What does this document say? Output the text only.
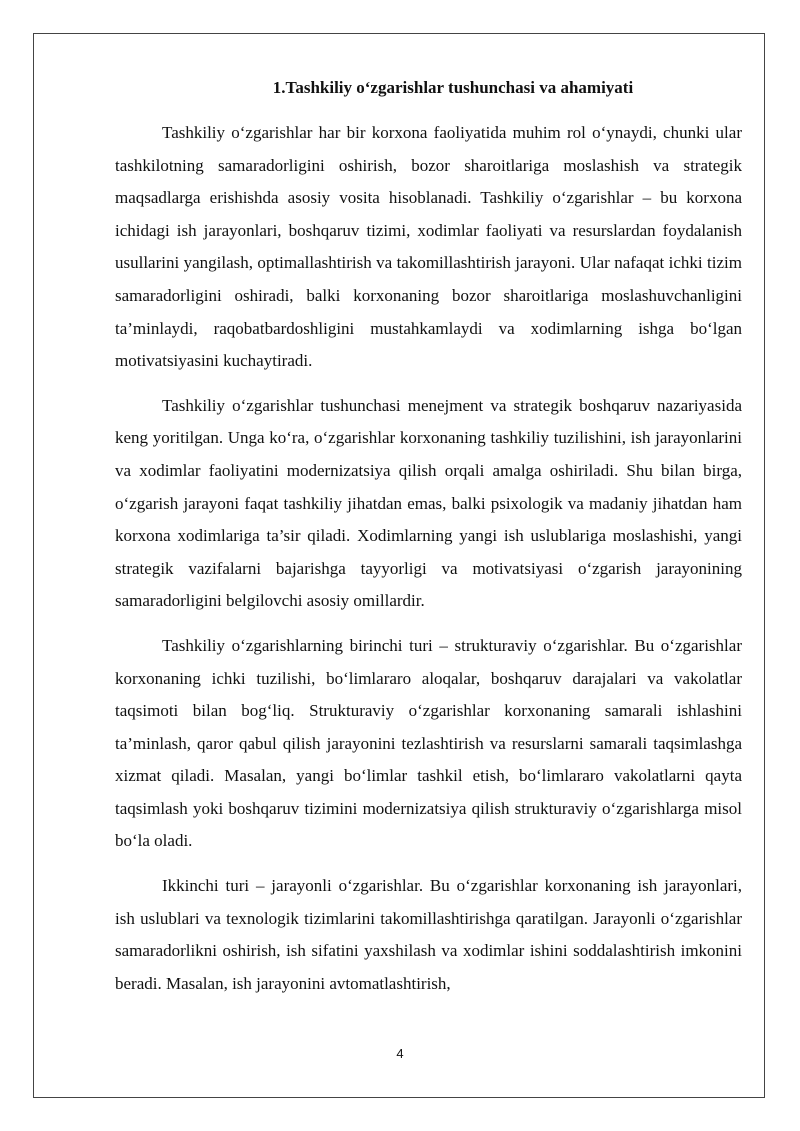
1.Tashkiliy o‘zgarishlar tushunchasi va ahamiyati

Tashkiliy o‘zgarishlar har bir korxona faoliyatida muhim rol o‘ynaydi, chunki ular tashkilotning samaradorligini oshirish, bozor sharoitlariga moslashish va strategik maqsadlarga erishishda asosiy vosita hisoblanadi. Tashkiliy o‘zgarishlar – bu korxona ichidagi ish jarayonlari, boshqaruv tizimi, xodimlar faoliyati va resurslardan foydalanish usullarini yangilash, optimallashtirish va takomillashtirish jarayoni. Ular nafaqat ichki tizim samaradorligini oshiradi, balki korxonaning bozor sharoitlariga moslashuvchanligini ta’minlaydi, raqobatbardoshligini mustahkamlaydi va xodimlarning ishga bo‘lgan motivatsiyasini kuchaytiradi.

Tashkiliy o‘zgarishlar tushunchasi menejment va strategik boshqaruv nazariyasida keng yoritilgan. Unga ko‘ra, o‘zgarishlar korxonaning tashkiliy tuzilishini, ish jarayonlarini va xodimlar faoliyatini modernizatsiya qilish orqali amalga oshiriladi. Shu bilan birga, o‘zgarish jarayoni faqat tashkiliy jihatdan emas, balki psixologik va madaniy jihatdan ham korxona xodimlariga ta’sir qiladi. Xodimlarning yangi ish uslublariga moslashishi, yangi strategik vazifalarni bajarishga tayyorligi va motivatsiyasi o‘zgarish jarayonining samaradorligini belgilovchi asosiy omillardir.

Tashkiliy o‘zgarishlarning birinchi turi – strukturaviy o‘zgarishlar. Bu o‘zgarishlar korxonaning ichki tuzilishi, bo‘limlararo aloqalar, boshqaruv darajalari va vakolatlar taqsimoti bilan bog‘liq. Strukturaviy o‘zgarishlar korxonaning samarali ishlashini ta’minlash, qaror qabul qilish jarayonini tezlashtirish va resurslarni samarali taqsimlashga xizmat qiladi. Masalan, yangi bo‘limlar tashkil etish, bo‘limlararo vakolatlarni qayta taqsimlash yoki boshqaruv tizimini modernizatsiya qilish strukturaviy o‘zgarishlarga misol bo‘la oladi.

Ikkinchi turi – jarayonli o‘zgarishlar. Bu o‘zgarishlar korxonaning ish jarayonlari, ish uslublari va texnologik tizimlarini takomillashtirishga qaratilgan. Jarayonli o‘zgarishlar samaradorlikni oshirish, ish sifatini yaxshilash va xodimlar ishini soddalashtirish imkonini beradi. Masalan, ish jarayonini avtomatlashtirish,

4
